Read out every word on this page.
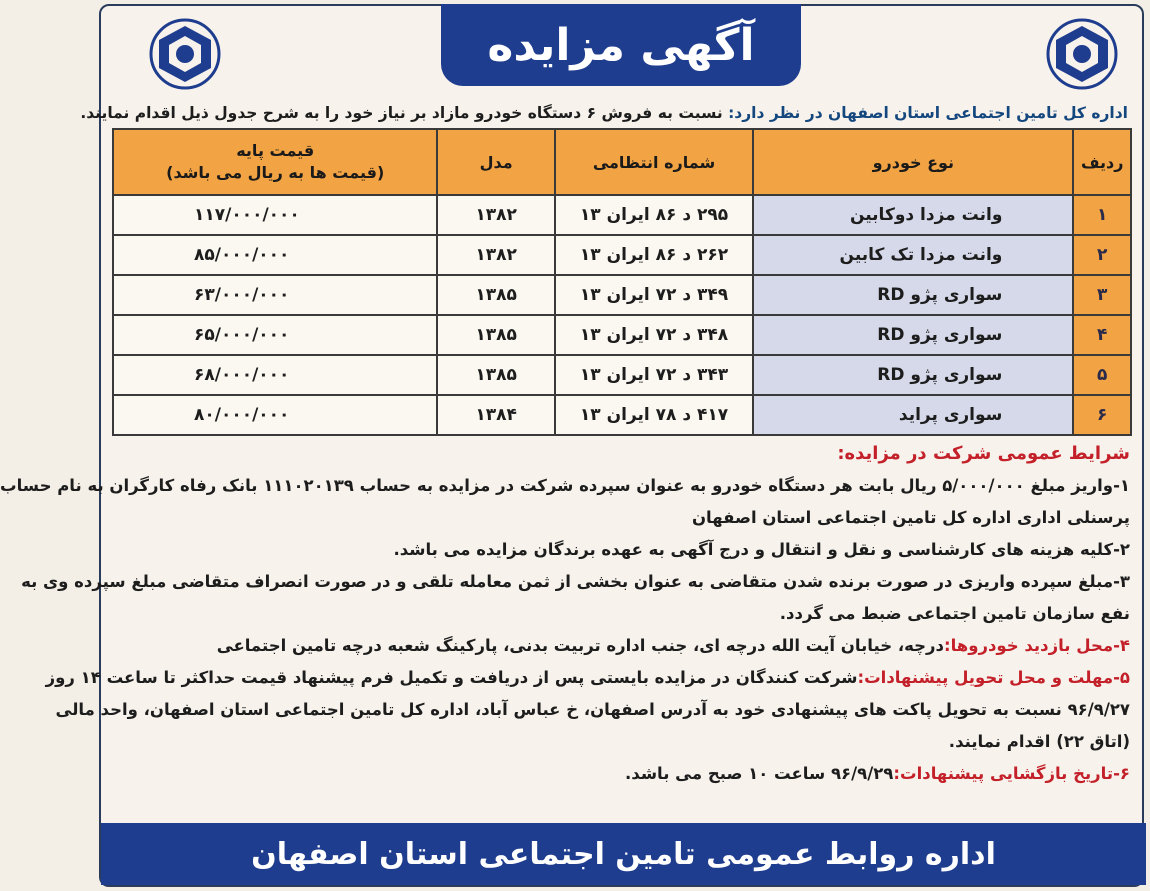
آگهی مزایده
اداره کل تامین اجتماعی استان اصفهان در نظر دارد: نسبت به فروش ۶ دستگاه خودرو مازاد بر نیاز خود را به شرح جدول ذیل اقدام نمایند.
ردیف	نوع خودرو	شماره انتظامی	مدل	قیمت پایه
(قیمت ها به ریال می باشد)

۱	وانت مزدا دوکابین	۲۹۵ د ۸۶ ایران ۱۳	۱۳۸۲	۱۱۷/۰۰۰/۰۰۰
۲	وانت مزدا تک کابین	۲۶۲ د ۸۶ ایران ۱۳	۱۳۸۲	۸۵/۰۰۰/۰۰۰
۳	سواری پژو RD	۳۴۹ د ۷۲ ایران ۱۳	۱۳۸۵	۶۳/۰۰۰/۰۰۰
۴	سواری پژو RD	۳۴۸ د ۷۲ ایران ۱۳	۱۳۸۵	۶۵/۰۰۰/۰۰۰
۵	سواری پژو RD	۳۴۳ د ۷۲ ایران ۱۳	۱۳۸۵	۶۸/۰۰۰/۰۰۰
۶	سواری پراید	۴۱۷ د ۷۸ ایران ۱۳	۱۳۸۴	۸۰/۰۰۰/۰۰۰
شرایط عمومی شرکت در مزایده:
۱-واریز مبلغ ۵/۰۰۰/۰۰۰ ریال بابت هر دستگاه خودرو به عنوان سپرده شرکت در مزایده به حساب ۱۱۱۰۲۰۱۳۹ بانک رفاه کارگران به نام حساب
پرسنلی اداری اداره کل تامین اجتماعی استان اصفهان
۲-کلیه هزینه های کارشناسی و نقل و انتقال و درج آگهی به عهده برندگان مزایده می باشد.
۳-مبلغ سپرده واریزی در صورت برنده شدن متقاضی به عنوان بخشی از ثمن معامله تلقی و در صورت انصراف متقاضی مبلغ سپرده وی به
نفع سازمان تامین اجتماعی ضبط می گردد.
۴-محل بازدید خودروها:درچه، خیابان آیت الله درچه ای، جنب اداره تربیت بدنی، پارکینگ شعبه درچه تامین اجتماعی
۵-مهلت و محل تحویل پیشنهادات:شرکت کنندگان در مزایده بایستی پس از دریافت و تکمیل فرم پیشنهاد قیمت حداکثر تا ساعت ۱۴ روز
۹۶/۹/۲۷ نسبت به تحویل پاکت های پیشنهادی خود به آدرس اصفهان، خ عباس آباد، اداره کل تامین اجتماعی استان اصفهان، واحد مالی
(اتاق ۲۲) اقدام نمایند.
۶-تاریخ بازگشایی پیشنهادات:۹۶/۹/۲۹ ساعت ۱۰ صبح می باشد.
اداره روابط عمومی تامین اجتماعی استان اصفهان
